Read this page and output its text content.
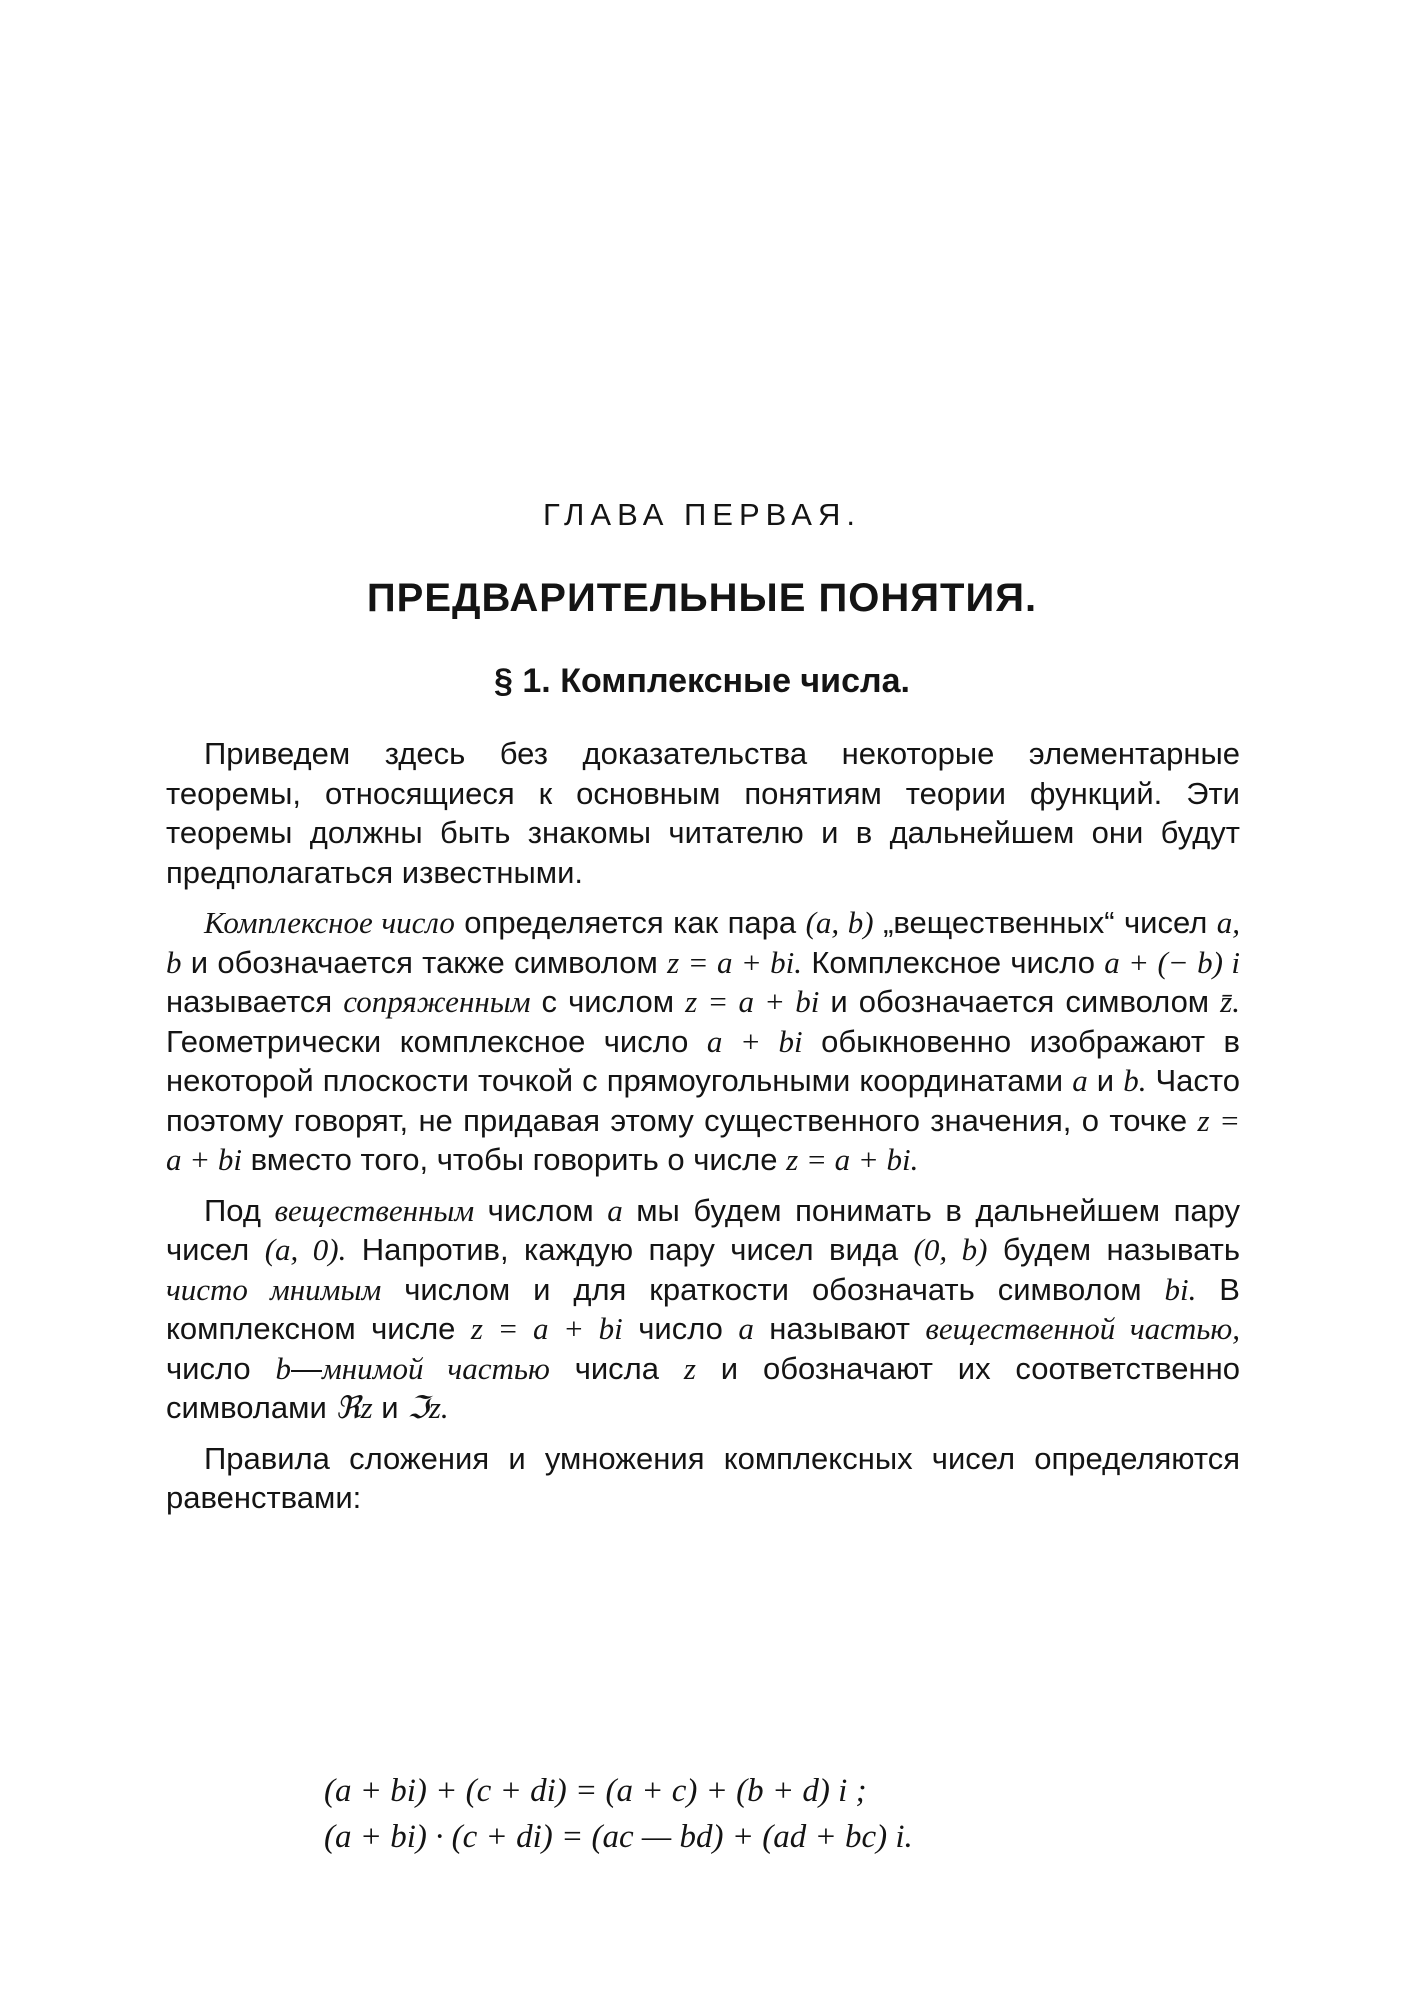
ГЛАВА ПЕРВАЯ.
ПРЕДВАРИТЕЛЬНЫЕ ПОНЯТИЯ.
§ 1. Комплексные числа.

Приведем здесь без доказательства некоторые элементарные теоремы, относящиеся к основным понятиям теории функций. Эти теоремы должны быть знакомы читателю и в дальнейшем они будут предполагаться известными.

Комплексное число определяется как пара (a, b) „вещественных“ чисел a, b и обозначается также символом z = a + bi. Комплексное число a + (− b) i называется сопряженным с числом z = a + bi и обозначается символом z̄. Геометрически комплексное число a + bi обыкновенно изображают в некоторой плоскости точкой с прямоугольными координатами a и b. Часто поэтому говорят, не придавая этому существенного значения, о точке z = a + bi вместо того, чтобы говорить о числе z = a + bi.

Под вещественным числом a мы будем понимать в дальнейшем пару чисел (a, 0). Напротив, каждую пару чисел вида (0, b) будем называть чисто мнимым числом и для краткости обозначать символом bi. В комплексном числе z = a + bi число a называют вещественной частью, число b—мнимой частью числа z и обозначают их соответственно символами ℜz и ℑz.

Правила сложения и умножения комплексных чисел определяются равенствами:

(a + bi) + (c + di) = (a + c) + (b + d) i ;
(a + bi) · (c + di) = (ac — bd) + (ad + bc) i.
